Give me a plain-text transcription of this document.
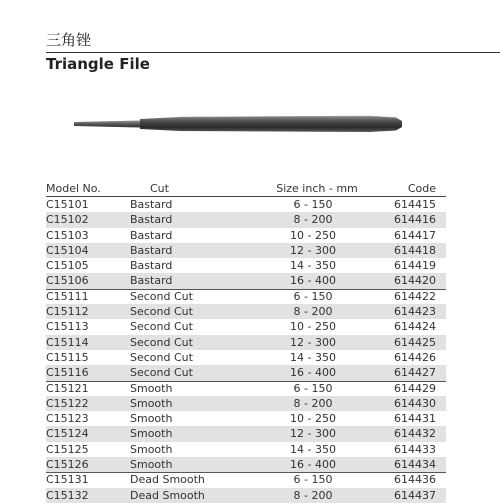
三角锉
Triangle File
Model No.	Cut	Size inch - mm	Code
C15101	Bastard	6 - 150	614415
C15102	Bastard	8 - 200	614416
C15103	Bastard	10 - 250	614417
C15104	Bastard	12 - 300	614418
C15105	Bastard	14 - 350	614419
C15106	Bastard	16 - 400	614420
C15111	Second Cut	6 - 150	614422
C15112	Second Cut	8 - 200	614423
C15113	Second Cut	10 - 250	614424
C15114	Second Cut	12 - 300	614425
C15115	Second Cut	14 - 350	614426
C15116	Second Cut	16 - 400	614427
C15121	Smooth	6 - 150	614429
C15122	Smooth	8 - 200	614430
C15123	Smooth	10 - 250	614431
C15124	Smooth	12 - 300	614432
C15125	Smooth	14 - 350	614433
C15126	Smooth	16 - 400	614434
C15131	Dead Smooth	6 - 150	614436
C15132	Dead Smooth	8 - 200	614437
